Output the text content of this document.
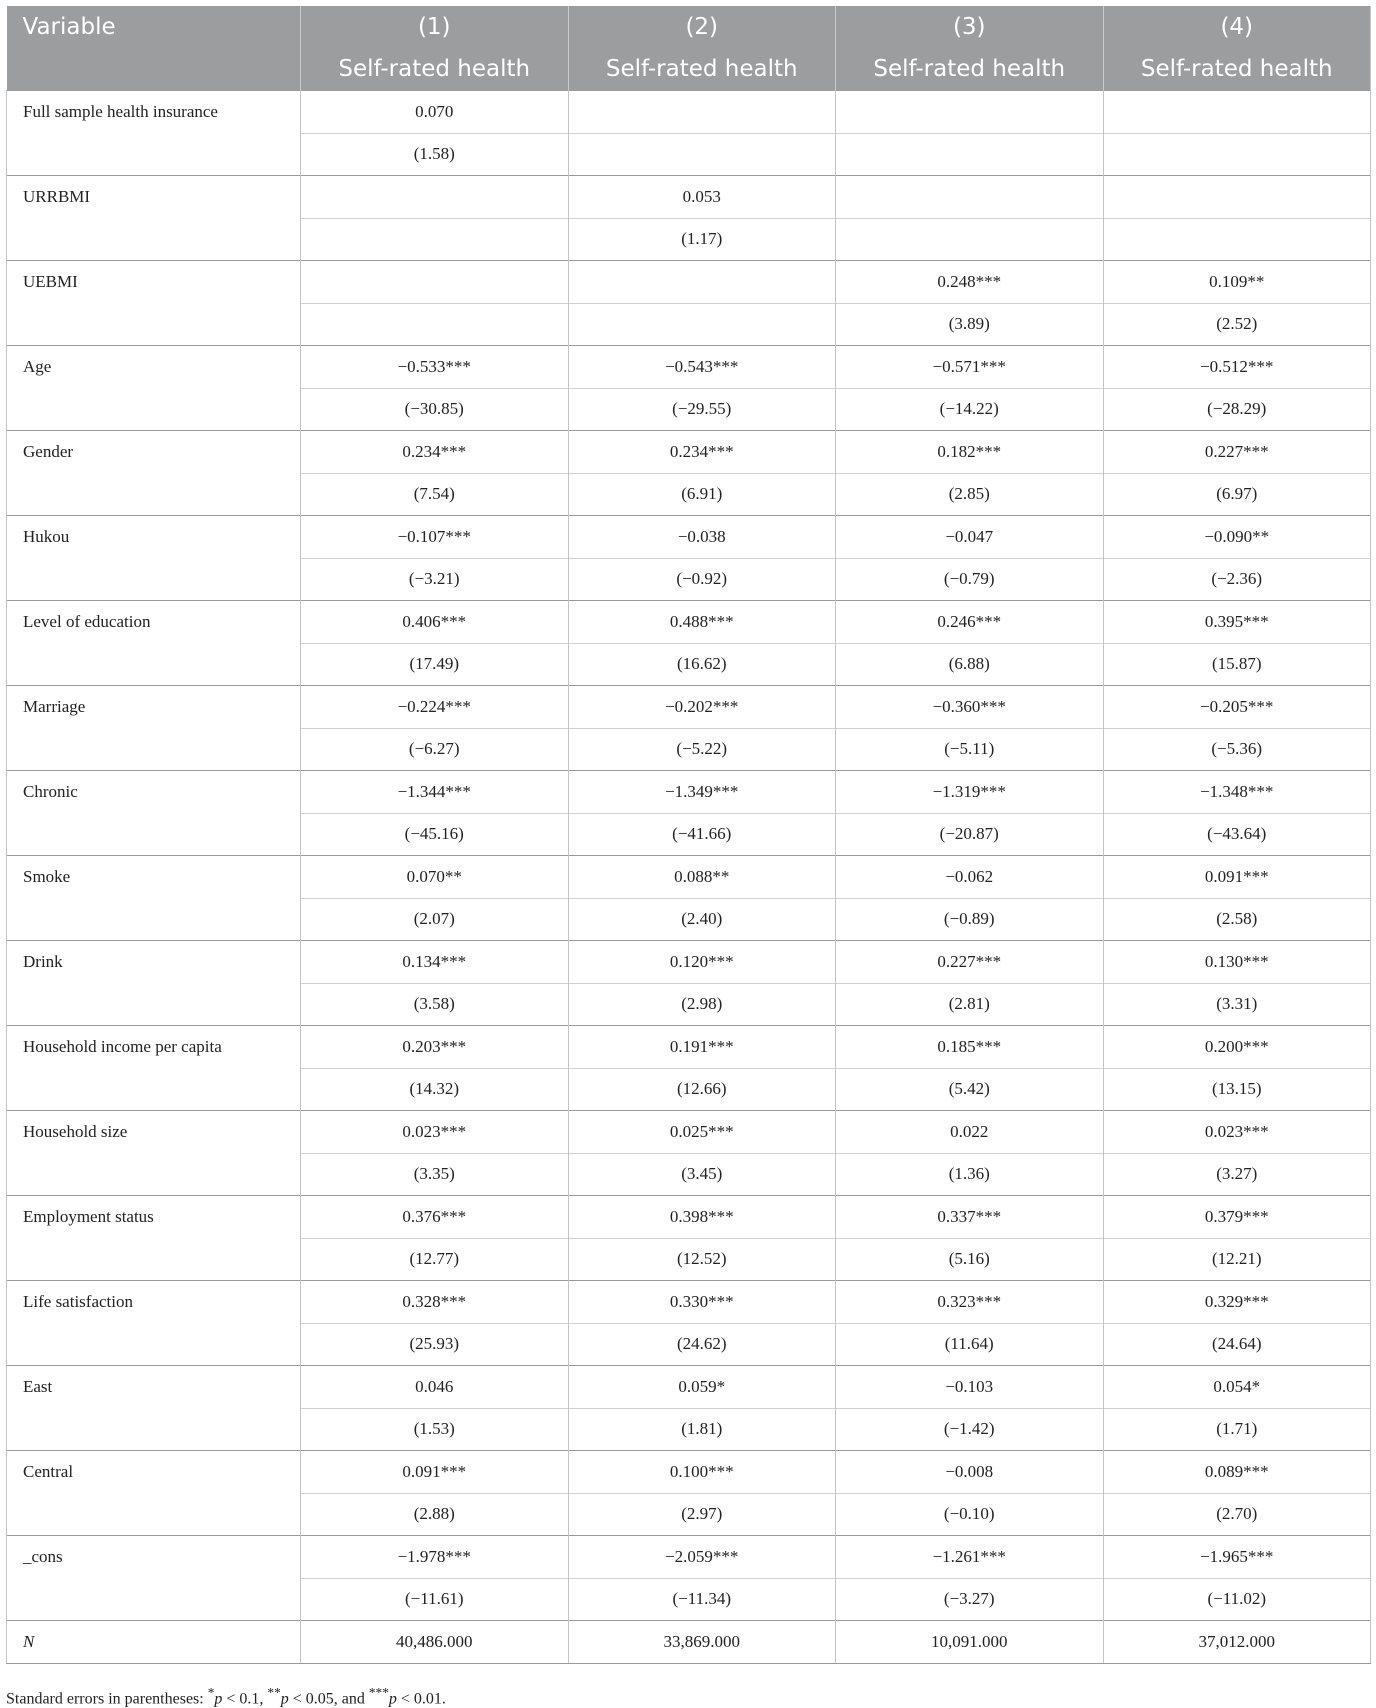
Variable	(1)	(2)	(3)	(4)
	Self-rated health	Self-rated health	Self-rated health	Self-rated health
Full sample health insurance	0.070			
	(1.58)			
URRBMI		0.053		
		(1.17)		
UEBMI			0.248***	0.109**
			(3.89)	(2.52)
Age	−0.533***	−0.543***	−0.571***	−0.512***
	(−30.85)	(−29.55)	(−14.22)	(−28.29)
Gender	0.234***	0.234***	0.182***	0.227***
	(7.54)	(6.91)	(2.85)	(6.97)
Hukou	−0.107***	−0.038	−0.047	−0.090**
	(−3.21)	(−0.92)	(−0.79)	(−2.36)
Level of education	0.406***	0.488***	0.246***	0.395***
	(17.49)	(16.62)	(6.88)	(15.87)
Marriage	−0.224***	−0.202***	−0.360***	−0.205***
	(−6.27)	(−5.22)	(−5.11)	(−5.36)
Chronic	−1.344***	−1.349***	−1.319***	−1.348***
	(−45.16)	(−41.66)	(−20.87)	(−43.64)
Smoke	0.070**	0.088**	−0.062	0.091***
	(2.07)	(2.40)	(−0.89)	(2.58)
Drink	0.134***	0.120***	0.227***	0.130***
	(3.58)	(2.98)	(2.81)	(3.31)
Household income per capita	0.203***	0.191***	0.185***	0.200***
	(14.32)	(12.66)	(5.42)	(13.15)
Household size	0.023***	0.025***	0.022	0.023***
	(3.35)	(3.45)	(1.36)	(3.27)
Employment status	0.376***	0.398***	0.337***	0.379***
	(12.77)	(12.52)	(5.16)	(12.21)
Life satisfaction	0.328***	0.330***	0.323***	0.329***
	(25.93)	(24.62)	(11.64)	(24.64)
East	0.046	0.059*	−0.103	0.054*
	(1.53)	(1.81)	(−1.42)	(1.71)
Central	0.091***	0.100***	−0.008	0.089***
	(2.88)	(2.97)	(−0.10)	(2.70)
_cons	−1.978***	−2.059***	−1.261***	−1.965***
	(−11.61)	(−11.34)	(−3.27)	(−11.02)
N	40,486.000	33,869.000	10,091.000	37,012.000
Standard errors in parentheses: *p < 0.1, **p < 0.05, and ***p < 0.01.
